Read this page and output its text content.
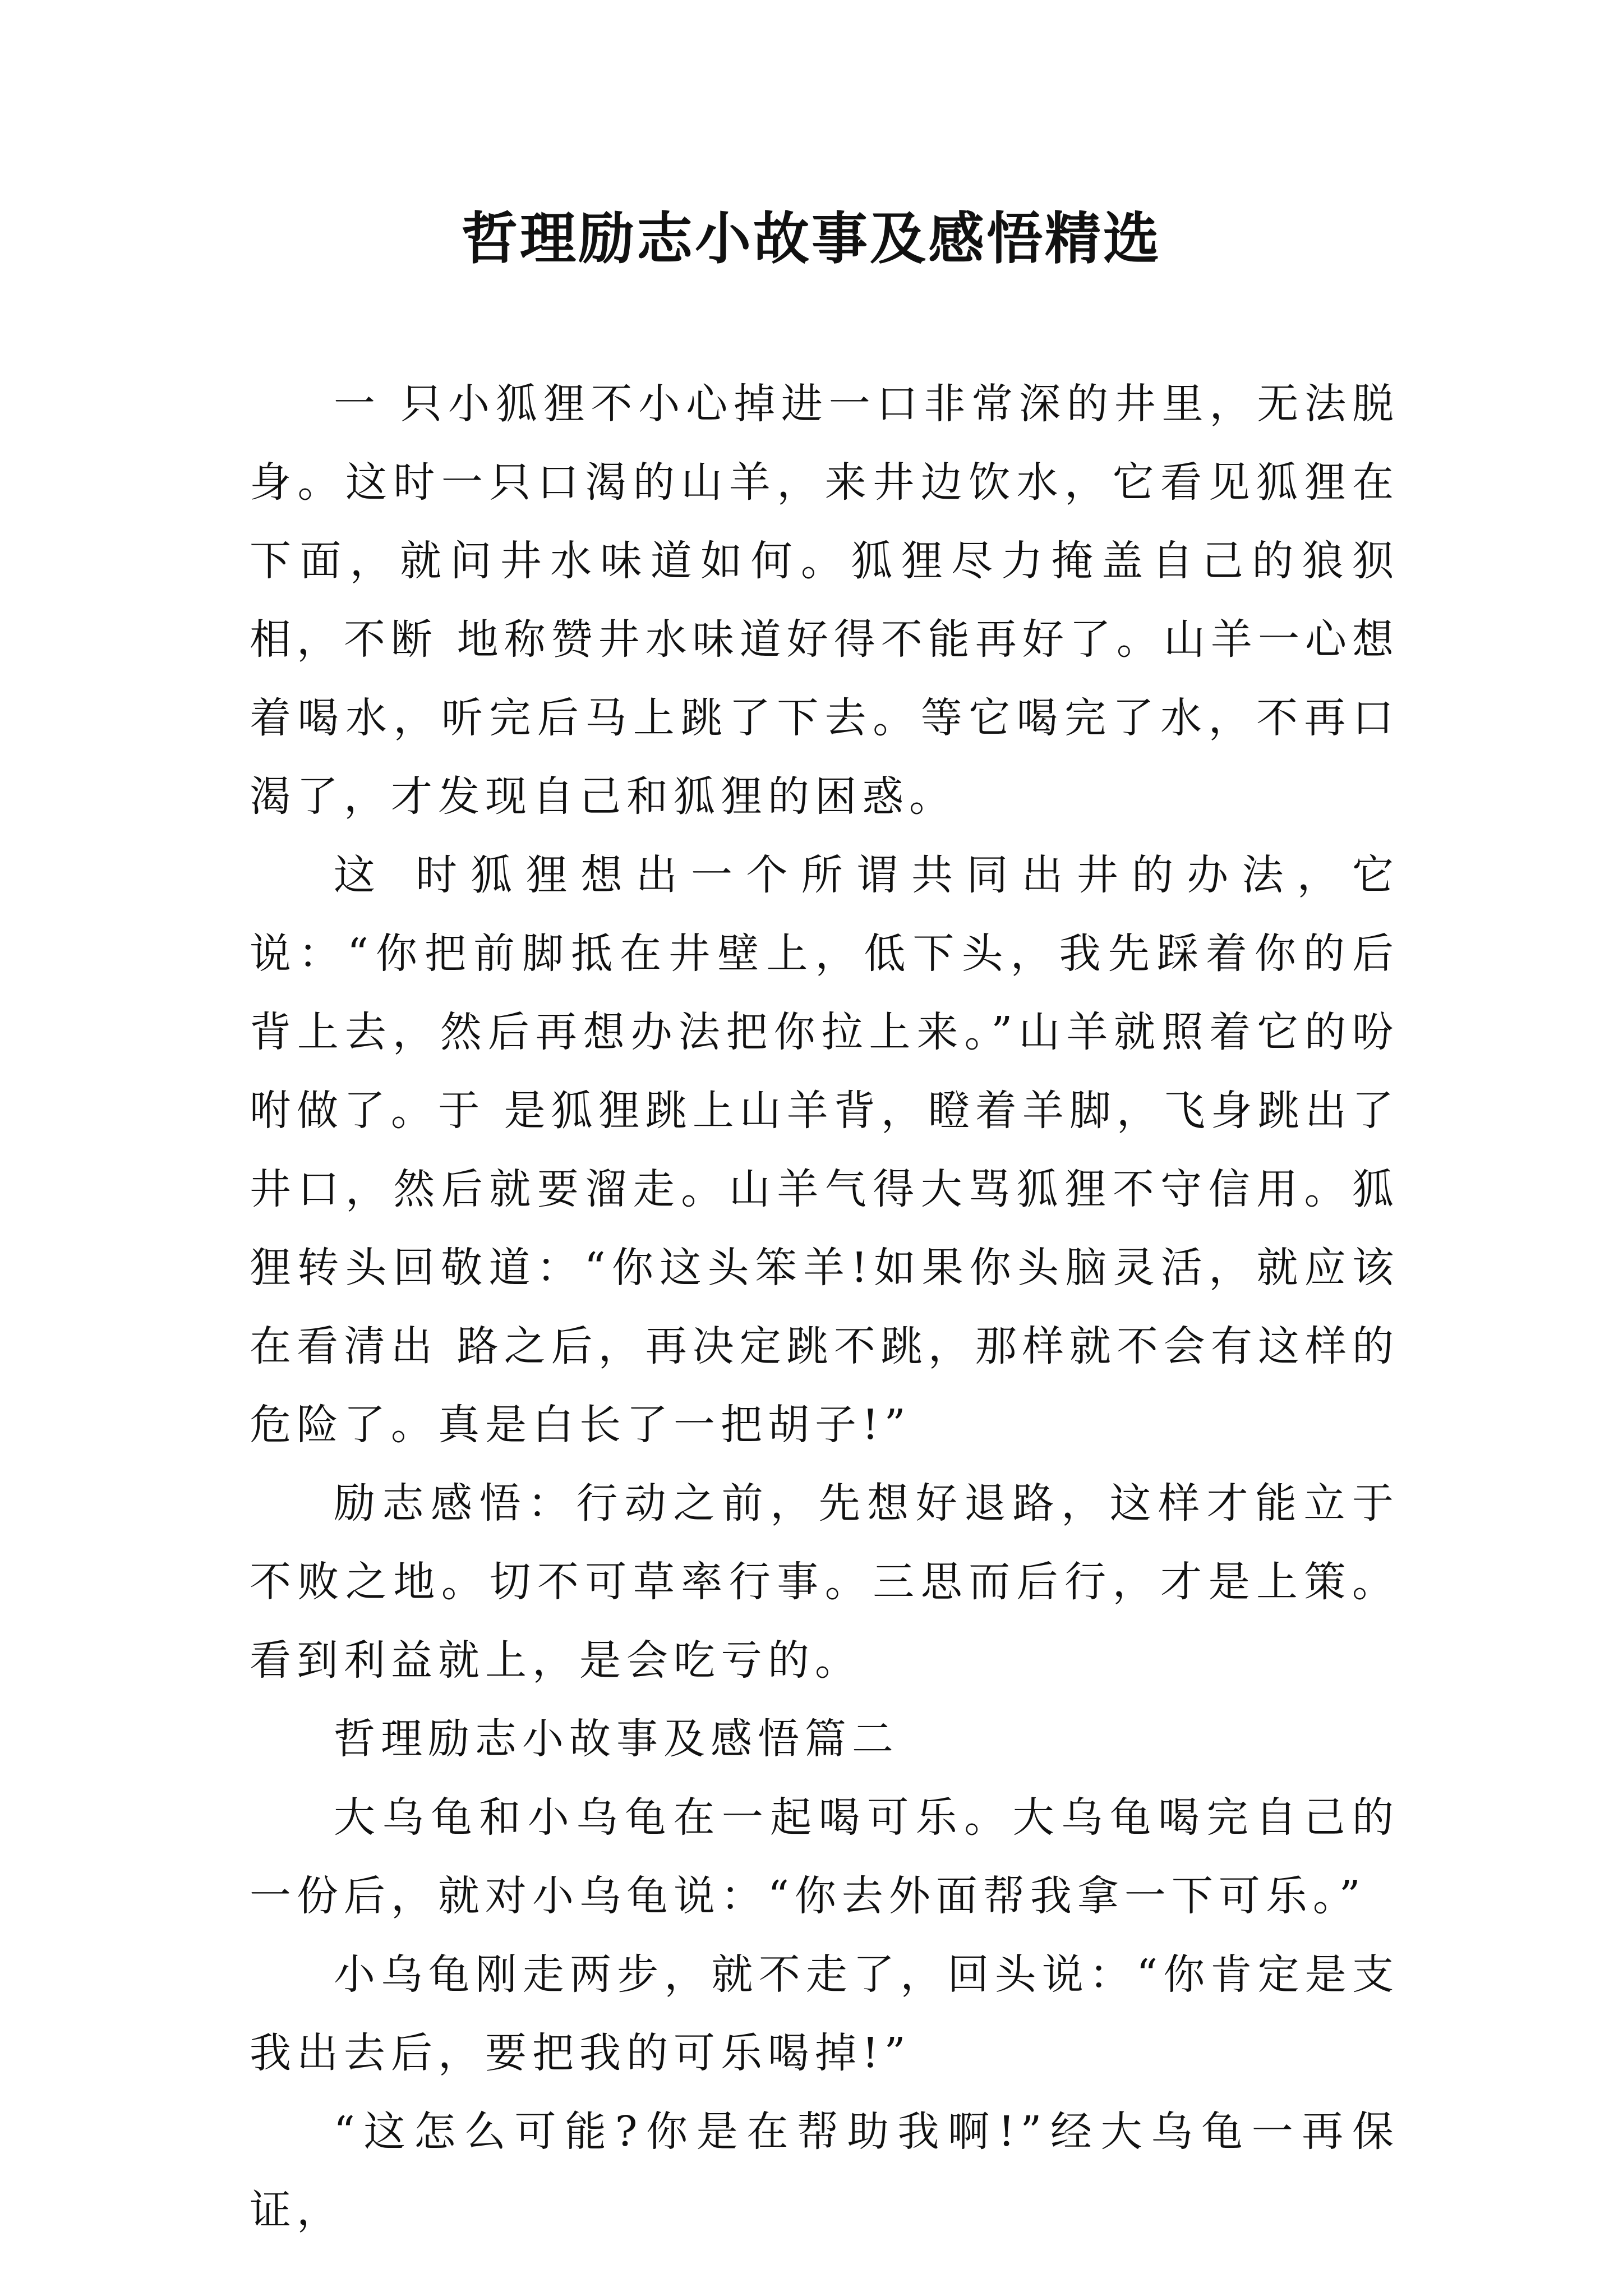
哲理励志小故事及感悟精选

一 只小狐狸不小心掉进一口非常深的井里，无法脱身。这时一只口渴的山羊，来井边饮水，它看见狐狸在下面，就问井水味道如何。狐狸尽力掩盖自己的狼狈相，不断 地称赞井水味道好得不能再好了。山羊一心想着喝水，听完后马上跳了下去。等它喝完了水，不再口渴了，才发现自己和狐狸的困惑。

这 时狐狸想出一个所谓共同出井的办法，它说：“你把前脚抵在井壁上，低下头，我先踩着你的后背上去，然后再想办法把你拉上来。”山羊就照着它的吩咐做了。于 是狐狸跳上山羊背，瞪着羊脚，飞身跳出了井口，然后就要溜走。山羊气得大骂狐狸不守信用。狐狸转头回敬道：“你这头笨羊!如果你头脑灵活，就应该在看清出 路之后，再决定跳不跳，那样就不会有这样的危险了。真是白长了一把胡子!”

励志感悟：行动之前，先想好退路，这样才能立于不败之地。切不可草率行事。三思而后行，才是上策。看到利益就上，是会吃亏的。

哲理励志小故事及感悟篇二

大乌龟和小乌龟在一起喝可乐。大乌龟喝完自己的一份后，就对小乌龟说：“你去外面帮我拿一下可乐。”

小乌龟刚走两步，就不走了，回头说：“你肯定是支我出去后，要把我的可乐喝掉!”

“这怎么可能?你是在帮助我啊!”经大乌龟一再保证，
